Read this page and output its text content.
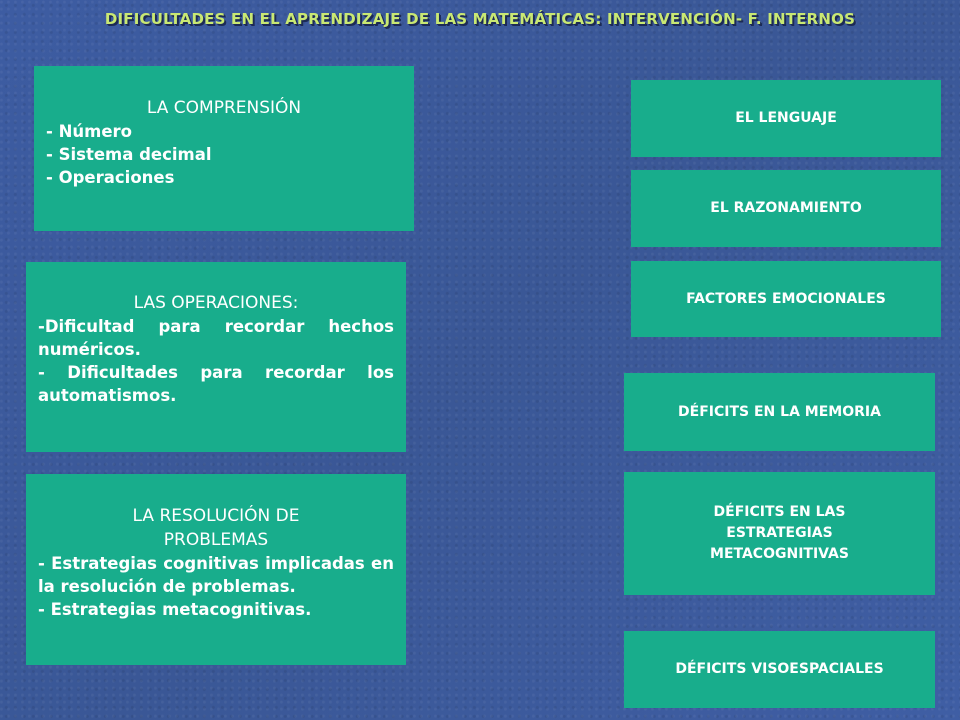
DIFICULTADES EN EL APRENDIZAJE DE LAS MATEMÁTICAS: INTERVENCIÓN- F. INTERNOS
LA COMPRENSIÓN
- Número
- Sistema decimal
- Operaciones
LAS OPERACIONES:
-Dificultad para recordar hechos numéricos.
- Dificultades para recordar los automatismos.
LA RESOLUCIÓN DE PROBLEMAS
- Estrategias cognitivas implicadas en la resolución de problemas.
- Estrategias metacognitivas.
EL LENGUAJE
EL RAZONAMIENTO
FACTORES EMOCIONALES
DÉFICITS EN LA MEMORIA
DÉFICITS EN LAS ESTRATEGIAS METACOGNITIVAS
DÉFICITS VISOESPACIALES
